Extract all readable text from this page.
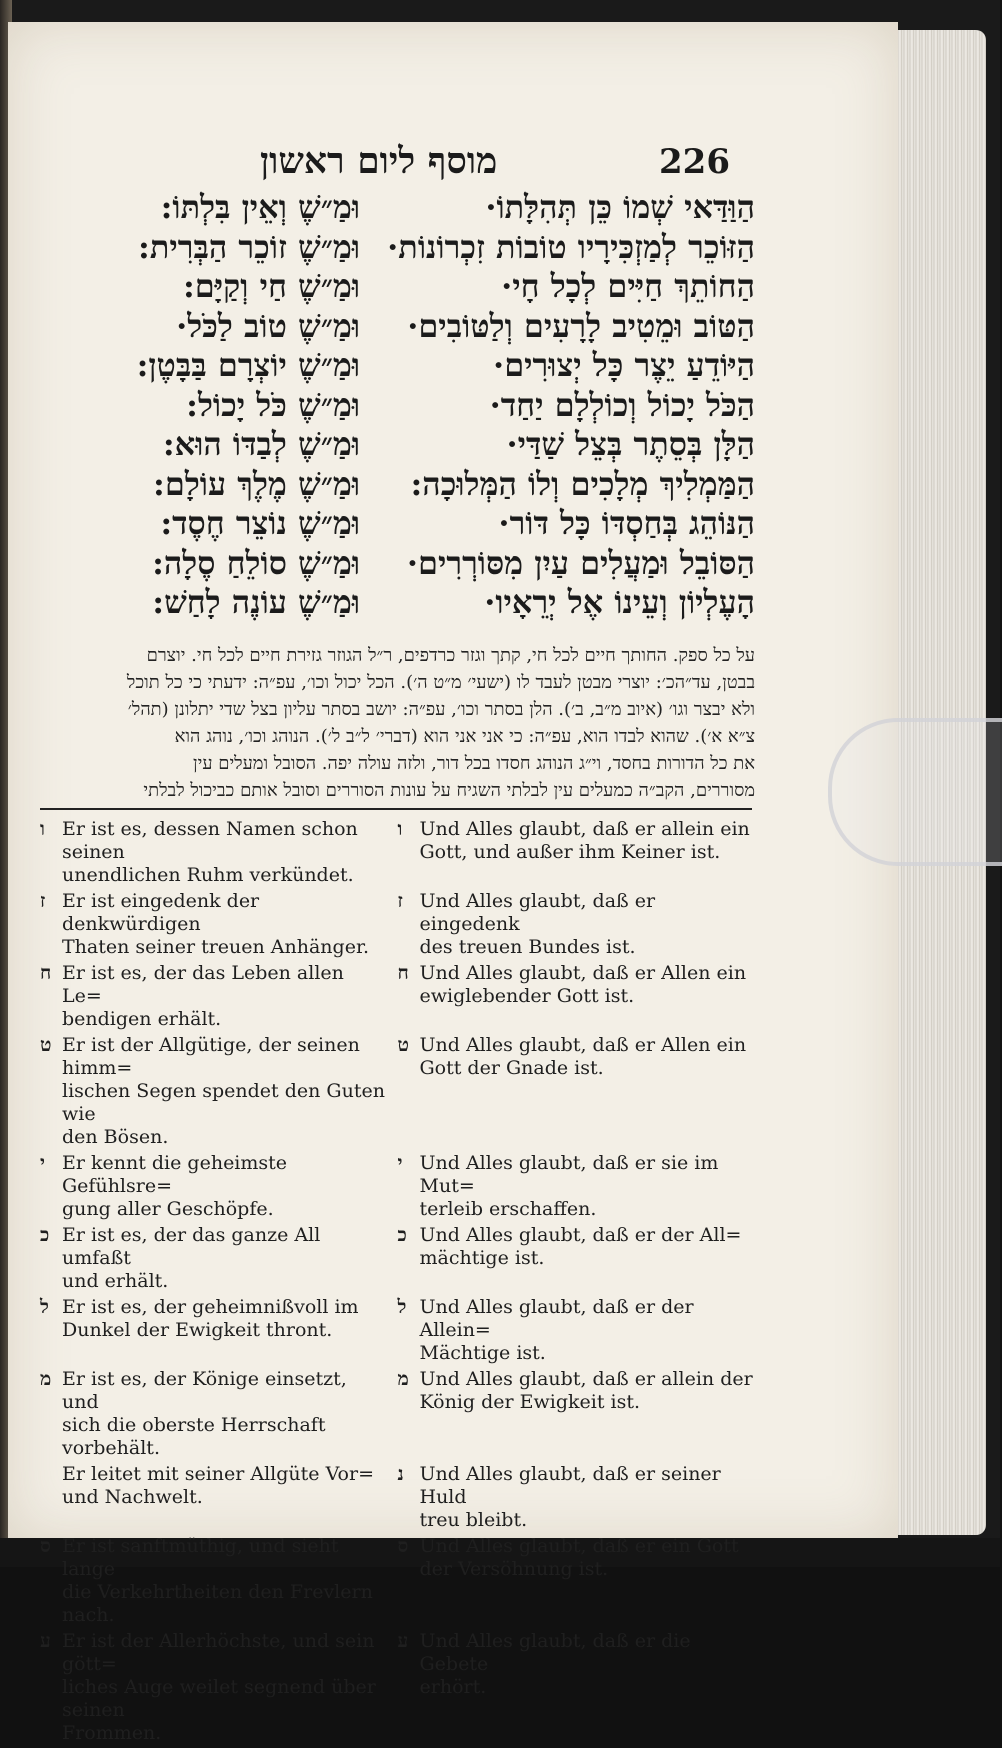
מוסף ליום ראשון	226
הַוַּדַּאי שְׁמוֹ כֵּן תְּהִלָּתוֹ·
הַזּוֹכֵר לְמַזְכִּירָיו טוֹבוֹת זִכְרוֹנוֹת·
הַחוֹתֵךְ חַיִּים לְכָל חָי·
הַטּוֹב וּמֵטִיב לָרָעִים וְלַטּוֹבִים·
הַיּוֹדֵעַ יֵצֶר כָּל יְצוּרִים·
הַכֹּל יָכוֹל וְכוֹלְלָם יַחַד·
הַלָּן בְּסֵתֶר בְּצֵל שַׁדַּי·
הַמַּמְלִיךְ מְלָכִים וְלוֹ הַמְּלוּכָה:
הַנּוֹהֵג בְּחַסְדּוֹ כָּל דּוֹר·
הַסּוֹבֵל וּמַעֲלִים עַיִן מִסּוֹרְרִים·
הָעֶלְיוֹן וְעֵינוֹ אֶל יְרֵאָיו·
וּמַ״שֶׁ וְאֵין בִּלְתּוֹ:
וּמַ״שֶׁ זוֹכֵר הַבְּרִית:
וּמַ״שֶׁ חַי וְקַיָּם:
וּמַ״שֶׁ טוֹב לַכֹּל·
וּמַ״שֶׁ יוֹצְרָם בַּבָּטֶן:
וּמַ״שֶׁ כֹּל יָכוֹל:
וּמַ״שֶׁ לְבַדּוֹ הוּא:
וּמַ״שֶׁ מֶלֶךְ עוֹלָם:
וּמַ״שֶׁ נוֹצֵר חֶסֶד:
וּמַ״שֶׁ סוֹלֵחַ סֶלָה:
וּמַ״שֶׁ עוֹנֶה לָחַשׁ:
על כל ספק. החותך חיים לכל חי, קתך וגזר כרדפים, ר״ל הגוזר גזירת חיים לכל חי. יוצרם
בבטן, עד״הכ׳: יוצרי מבטן לעבד לו (ישעי׳ מ״ט ה׳). הכל יכול וכו׳, עפ״ה: ידעתי כי כל תוכל
ולא יבצר וגו׳ (איוב מ״ב, ב׳). הלן בסתר וכו׳, עפ״ה: יושב בסתר עליון בצל שדי יתלונן (תהל׳
צ״א א׳). שהוא לבדו הוא, עפ״ה: כי אני אני הוא (דברי׳ ל״ב ל׳). הנוהג וכו׳, נוהג הוא
את כל הדורות בחסד, וי״ג הנוהג חסדו בכל דור, ולזה עולה יפה. הסובל ומעלים עין
מסוררים, הקב״ה כמעלים עין לבלתי השגיח על עונות הסוררים וסובל אותם כביכול לבלתי
ו Er ist es, dessen Namen schon seinen
unendlichen Ruhm verkündet.
ו Und Alles glaubt, daß er allein ein
Gott, und außer ihm Keiner ist.
ז Er ist eingedenk der denkwürdigen
Thaten seiner treuen Anhänger.
ז Und Alles glaubt, daß er eingedenk
des treuen Bundes ist.
ח Er ist es, der das Leben allen Le=
bendigen erhält.
ח Und Alles glaubt, daß er Allen ein
ewiglebender Gott ist.
ט Er ist der Allgütige, der seinen himm=
lischen Segen spendet den Guten wie
den Bösen.
ט Und Alles glaubt, daß er Allen ein
Gott der Gnade ist.
י Er kennt die geheimste Gefühlsre=
gung aller Geschöpfe.
י Und Alles glaubt, daß er sie im Mut=
terleib erschaffen.
כ Er ist es, der das ganze All umfaßt
und erhält.
כ Und Alles glaubt, daß er der All=
mächtige ist.
ל Er ist es, der geheimnißvoll im
Dunkel der Ewigkeit thront.
ל Und Alles glaubt, daß er der Allein=
Mächtige ist.
מ Er ist es, der Könige einsetzt, und
sich die oberste Herrschaft vorbehält.
מ Und Alles glaubt, daß er allein der
König der Ewigkeit ist.
Er leitet mit seiner Allgüte Vor=
und Nachwelt.
נ Und Alles glaubt, daß er seiner Huld
treu bleibt.
ס Er ist sanftmüthig, und sieht lange
die Verkehrtheiten den Frevlern nach.
ס Und Alles glaubt, daß er ein Gott
der Versöhnung ist.
ע Er ist der Allerhöchste, und sein gött=
liches Auge weilet segnend über seinen
Frommen.
ע Und Alles glaubt, daß er die Gebete
erhört.
